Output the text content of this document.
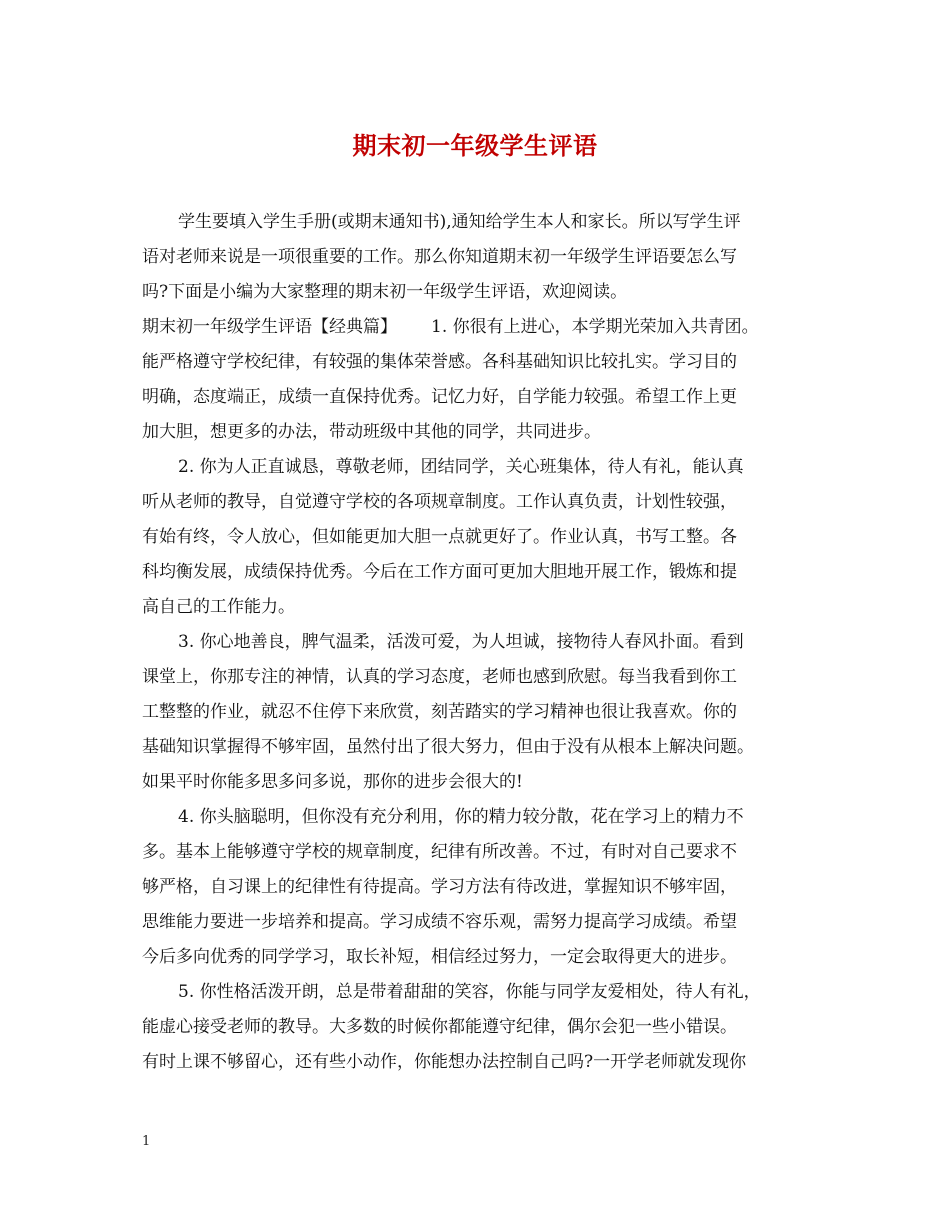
期末初一年级学生评语
学生要填入学生手册(或期末通知书),通知给学生本人和家长。所以写学生评
语对老师来说是一项很重要的工作。那么你知道期末初一年级学生评语要怎么写
吗?下面是小编为大家整理的期末初一年级学生评语，欢迎阅读。
期末初一年级学生评语【经典篇】 1. 你很有上进心，本学期光荣加入共青团。
能严格遵守学校纪律，有较强的集体荣誉感。各科基础知识比较扎实。学习目的
明确，态度端正，成绩一直保持优秀。记忆力好，自学能力较强。希望工作上更
加大胆，想更多的办法，带动班级中其他的同学，共同进步。
2. 你为人正直诚恳，尊敬老师，团结同学，关心班集体，待人有礼，能认真
听从老师的教导，自觉遵守学校的各项规章制度。工作认真负责，计划性较强，
有始有终，令人放心，但如能更加大胆一点就更好了。作业认真，书写工整。各
科均衡发展，成绩保持优秀。今后在工作方面可更加大胆地开展工作，锻炼和提
高自己的工作能力。
3. 你心地善良，脾气温柔，活泼可爱，为人坦诚，接物待人春风扑面。看到
课堂上，你那专注的神情，认真的学习态度，老师也感到欣慰。每当我看到你工
工整整的作业，就忍不住停下来欣赏，刻苦踏实的学习精神也很让我喜欢。你的
基础知识掌握得不够牢固，虽然付出了很大努力，但由于没有从根本上解决问题。
如果平时你能多思多问多说，那你的进步会很大的!
4. 你头脑聪明，但你没有充分利用，你的精力较分散，花在学习上的精力不
多。基本上能够遵守学校的规章制度，纪律有所改善。不过，有时对自己要求不
够严格，自习课上的纪律性有待提高。学习方法有待改进，掌握知识不够牢固，
思维能力要进一步培养和提高。学习成绩不容乐观，需努力提高学习成绩。希望
今后多向优秀的同学学习，取长补短，相信经过努力，一定会取得更大的进步。
5. 你性格活泼开朗，总是带着甜甜的笑容，你能与同学友爱相处，待人有礼，
能虚心接受老师的教导。大多数的时候你都能遵守纪律，偶尔会犯一些小错误。
有时上课不够留心，还有些小动作，你能想办法控制自己吗?一开学老师就发现你
1
